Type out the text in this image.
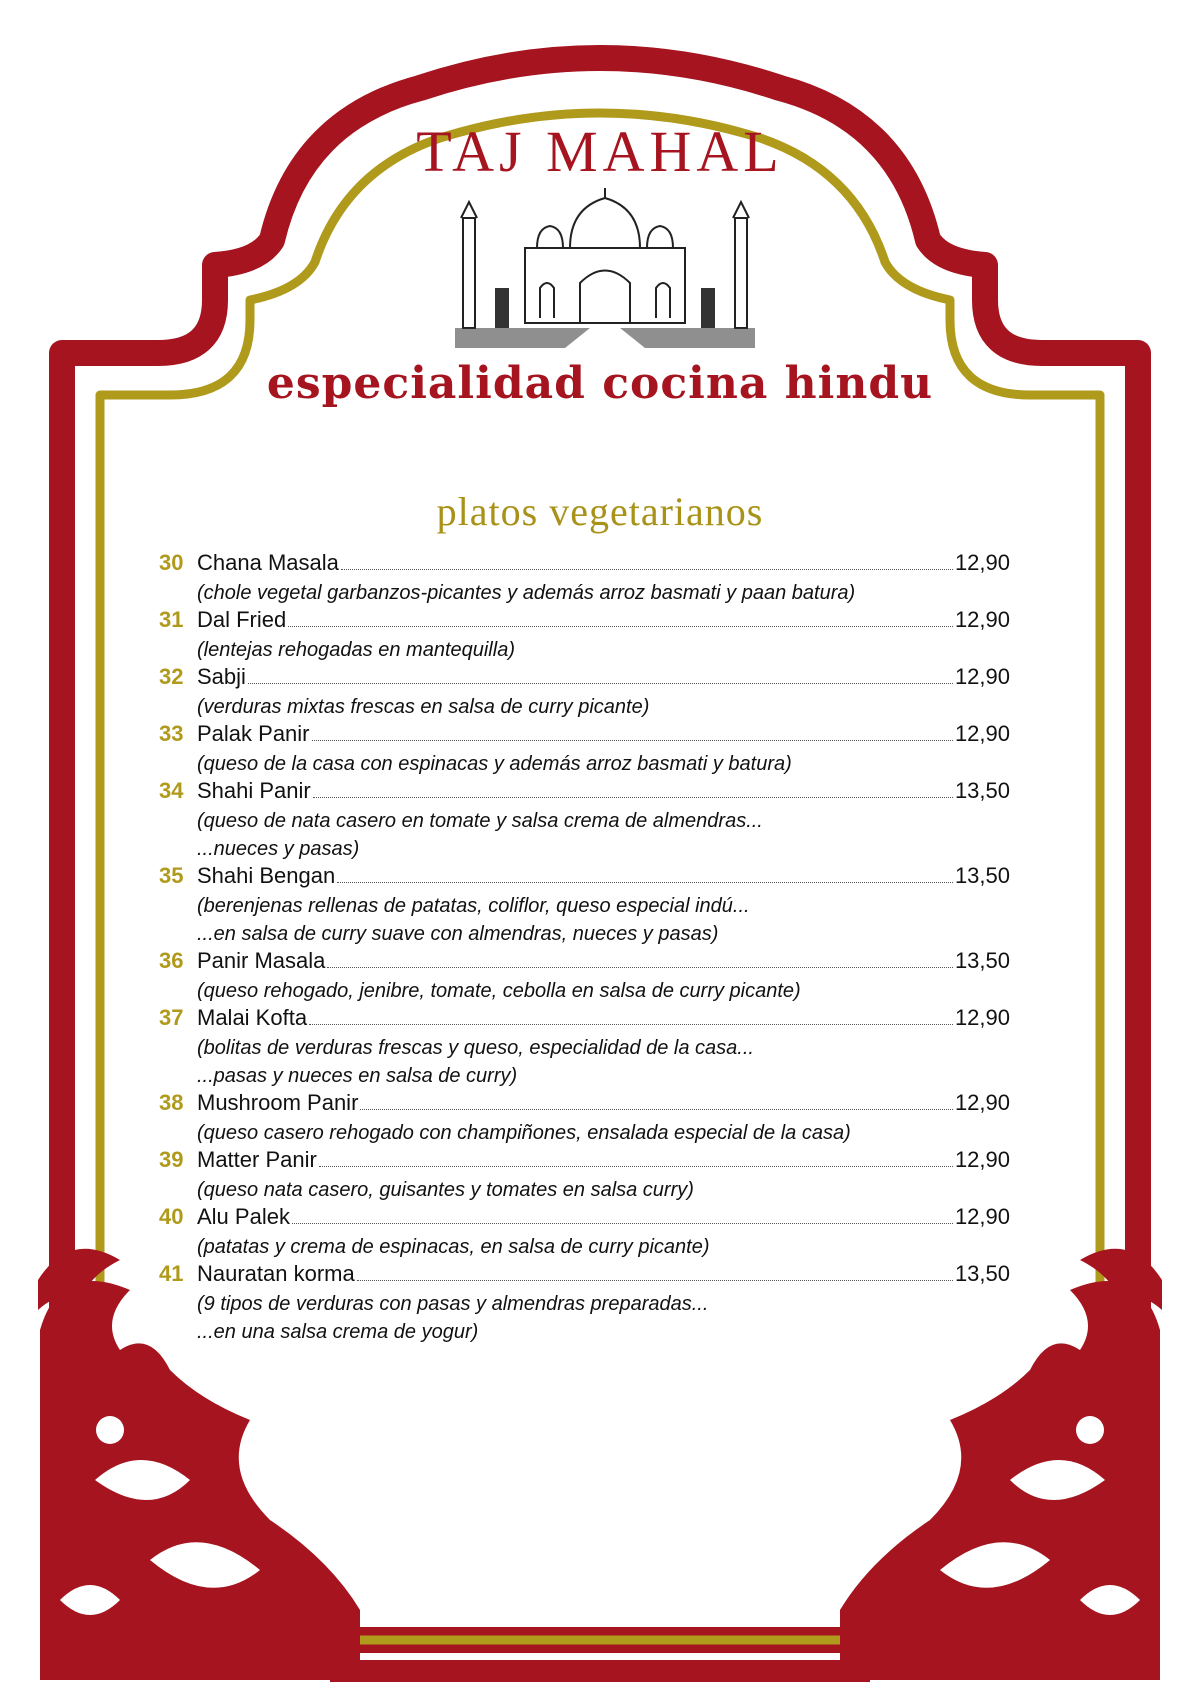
TAJ MAHAL
especialidad cocina hindu
platos vegetarianos
30 Chana Masala	12,90
(chole vegetal garbanzos-picantes y además arroz basmati y paan batura)
31 Dal Fried	12,90
(lentejas rehogadas en mantequilla)
32 Sabji	12,90
(verduras mixtas frescas en salsa de curry picante)
33 Palak Panir	12,90
(queso de la casa con espinacas y además arroz basmati y batura)
34 Shahi Panir	13,50
(queso de nata casero en tomate y salsa crema de almendras...
...nueces y pasas)
35 Shahi Bengan	13,50
(berenjenas rellenas de patatas, coliflor, queso especial indú...
...en salsa de curry suave con almendras, nueces y pasas)
36 Panir Masala	13,50
(queso rehogado, jenibre, tomate, cebolla en salsa de curry picante)
37 Malai Kofta	12,90
(bolitas de verduras frescas y queso, especialidad de la casa...
...pasas y nueces en salsa de curry)
38 Mushroom Panir	12,90
(queso casero rehogado con champiñones, ensalada especial de la casa)
39 Matter Panir	12,90
(queso nata casero, guisantes y tomates en salsa curry)
40 Alu Palek	12,90
(patatas y crema de espinacas, en salsa de curry picante)
41 Nauratan korma	13,50
(9 tipos de verduras con pasas y almendras preparadas...
...en una salsa crema de yogur)
